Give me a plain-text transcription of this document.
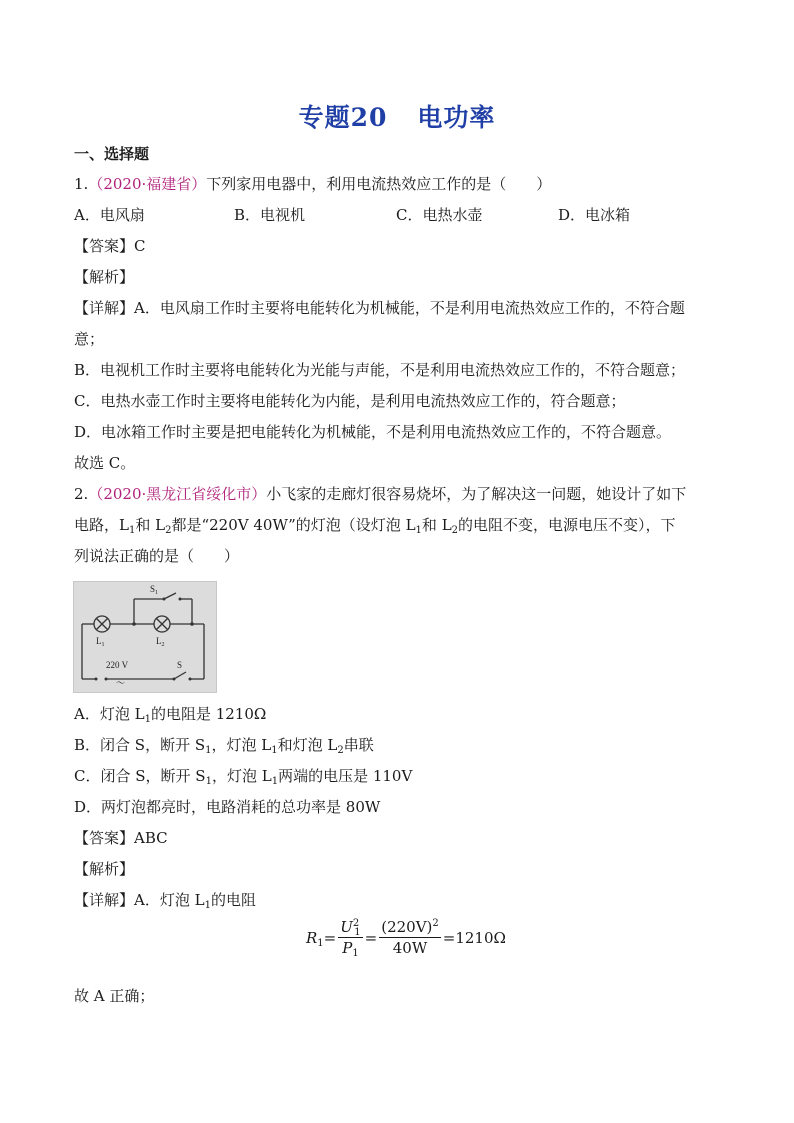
专题20 电功率
一、选择题
1.（2020·福建省）下列家用电器中，利用电流热效应工作的是（　　）
A．电风扇	B．电视机	C．电热水壶	D．电冰箱
【答案】C
【解析】
【详解】A．电风扇工作时主要将电能转化为机械能，不是利用电流热效应工作的，不符合题
意；
B．电视机工作时主要将电能转化为光能与声能，不是利用电流热效应工作的，不符合题意；
C．电热水壶工作时主要将电能转化为内能，是利用电流热效应工作的，符合题意；
D．电冰箱工作时主要是把电能转化为机械能，不是利用电流热效应工作的，不符合题意。
故选 C。
2.（2020·黑龙江省绥化市）小飞家的走廊灯很容易烧坏，为了解决这一问题，她设计了如下
电路，$L_1$和 $L_2$都是“220V 40W”的灯泡（设灯泡 $L_1$和 $L_2$的电阻不变，电源电压不变），下
列说法正确的是（　　）
$S_1$
$L_1$	$L_2$
220 V
～
S
A．灯泡 $L_1$的电阻是 1210Ω
B．闭合 S，断开 $S_1$，灯泡 $L_1$和灯泡 $L_2$串联
C．闭合 S，断开 $S_1$，灯泡 $L_1$两端的电压是 110V
D．两灯泡都亮时，电路消耗的总功率是 80W
【答案】ABC
【解析】
【详解】A．灯泡 $L_1$的电阻
$R_1 = \frac{U^2_1}{P_1} = \frac{(220V)^2}{40W} =1210\Omega$
故 A 正确；
